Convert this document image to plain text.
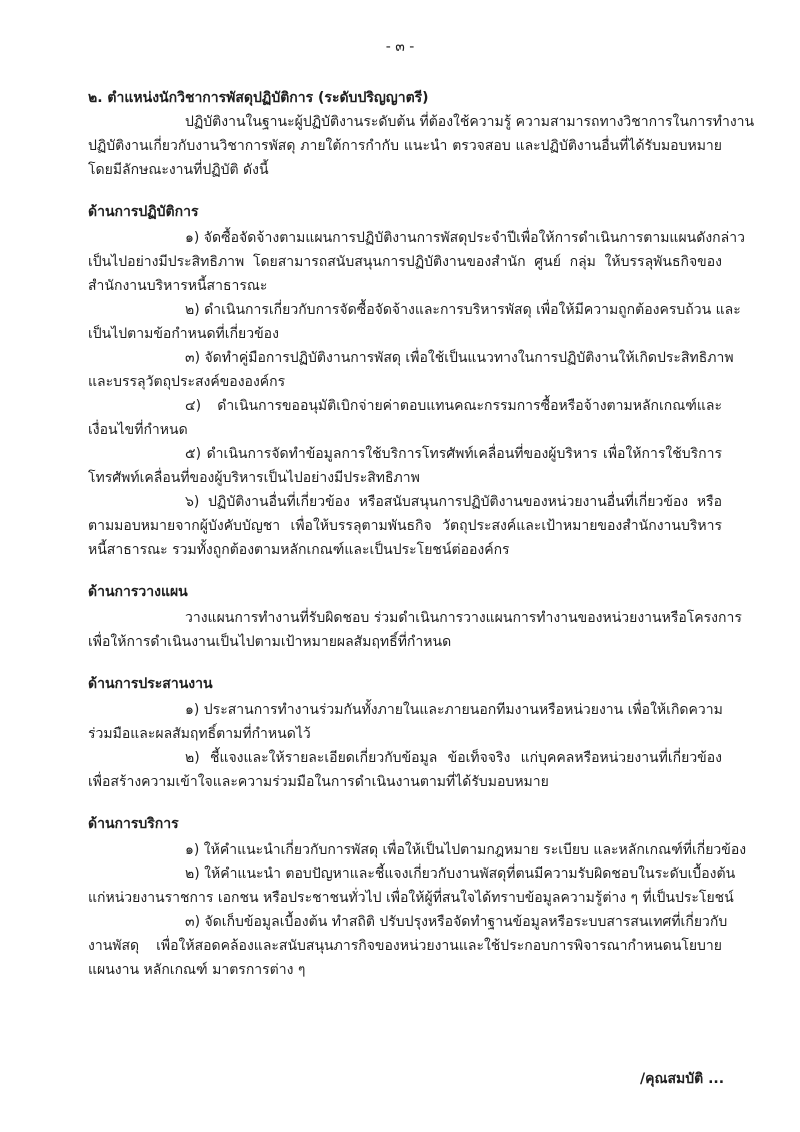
- ๓ -
๒. ตำแหน่งนักวิชาการพัสดุปฏิบัติการ (ระดับปริญญาตรี)
ปฏิบัติงานในฐานะผู้ปฏิบัติงานระดับต้น ที่ต้องใช้ความรู้ ความสามารถทางวิชาการในการทำงาน
ปฏิบัติงานเกี่ยวกับงานวิชาการพัสดุ ภายใต้การกำกับ แนะนำ ตรวจสอบ และปฏิบัติงานอื่นที่ได้รับมอบหมาย
โดยมีลักษณะงานที่ปฏิบัติ ดังนี้
ด้านการปฏิบัติการ
๑) จัดซื้อจัดจ้างตามแผนการปฏิบัติงานการพัสดุประจำปีเพื่อให้การดำเนินการตามแผนดังกล่าว
เป็นไปอย่างมีประสิทธิภาพ โดยสามารถสนับสนุนการปฏิบัติงานของสำนัก ศูนย์ กลุ่ม ให้บรรลุพันธกิจของ
สำนักงานบริหารหนี้สาธารณะ
๒) ดำเนินการเกี่ยวกับการจัดซื้อจัดจ้างและการบริหารพัสดุ เพื่อให้มีความถูกต้องครบถ้วน และ
เป็นไปตามข้อกำหนดที่เกี่ยวข้อง
๓) จัดทำคู่มือการปฏิบัติงานการพัสดุ เพื่อใช้เป็นแนวทางในการปฏิบัติงานให้เกิดประสิทธิภาพ
และบรรลุวัตถุประสงค์ขององค์กร
๔) ดำเนินการขออนุมัติเบิกจ่ายค่าตอบแทนคณะกรรมการซื้อหรือจ้างตามหลักเกณฑ์และ
เงื่อนไขที่กำหนด
๕) ดำเนินการจัดทำข้อมูลการใช้บริการโทรศัพท์เคลื่อนที่ของผู้บริหาร เพื่อให้การใช้บริการ
โทรศัพท์เคลื่อนที่ของผู้บริหารเป็นไปอย่างมีประสิทธิภาพ
๖) ปฏิบัติงานอื่นที่เกี่ยวข้อง หรือสนับสนุนการปฏิบัติงานของหน่วยงานอื่นที่เกี่ยวข้อง หรือ
ตามมอบหมายจากผู้บังคับบัญชา เพื่อให้บรรลุตามพันธกิจ วัตถุประสงค์และเป้าหมายของสำนักงานบริหาร
หนี้สาธารณะ รวมทั้งถูกต้องตามหลักเกณฑ์และเป็นประโยชน์ต่อองค์กร
ด้านการวางแผน
วางแผนการทำงานที่รับผิดชอบ ร่วมดำเนินการวางแผนการทำงานของหน่วยงานหรือโครงการ
เพื่อให้การดำเนินงานเป็นไปตามเป้าหมายผลสัมฤทธิ์ที่กำหนด
ด้านการประสานงาน
๑) ประสานการทำงานร่วมกันทั้งภายในและภายนอกทีมงานหรือหน่วยงาน เพื่อให้เกิดความ
ร่วมมือและผลสัมฤทธิ์ตามที่กำหนดไว้
๒) ชี้แจงและให้รายละเอียดเกี่ยวกับข้อมูล ข้อเท็จจริง แก่บุคคลหรือหน่วยงานที่เกี่ยวข้อง
เพื่อสร้างความเข้าใจและความร่วมมือในการดำเนินงานตามที่ได้รับมอบหมาย
ด้านการบริการ
๑) ให้คำแนะนำเกี่ยวกับการพัสดุ เพื่อให้เป็นไปตามกฎหมาย ระเบียบ และหลักเกณฑ์ที่เกี่ยวข้อง
๒) ให้คำแนะนำ ตอบปัญหาและชี้แจงเกี่ยวกับงานพัสดุที่ตนมีความรับผิดชอบในระดับเบื้องต้น
แก่หน่วยงานราชการ เอกชน หรือประชาชนทั่วไป เพื่อให้ผู้ที่สนใจได้ทราบข้อมูลความรู้ต่าง ๆ ที่เป็นประโยชน์
๓) จัดเก็บข้อมูลเบื้องต้น ทำสถิติ ปรับปรุงหรือจัดทำฐานข้อมูลหรือระบบสารสนเทศที่เกี่ยวกับ
งานพัสดุ เพื่อให้สอดคล้องและสนับสนุนภารกิจของหน่วยงานและใช้ประกอบการพิจารณากำหนดนโยบาย
แผนงาน หลักเกณฑ์ มาตรการต่าง ๆ
/คุณสมบัติ ...
